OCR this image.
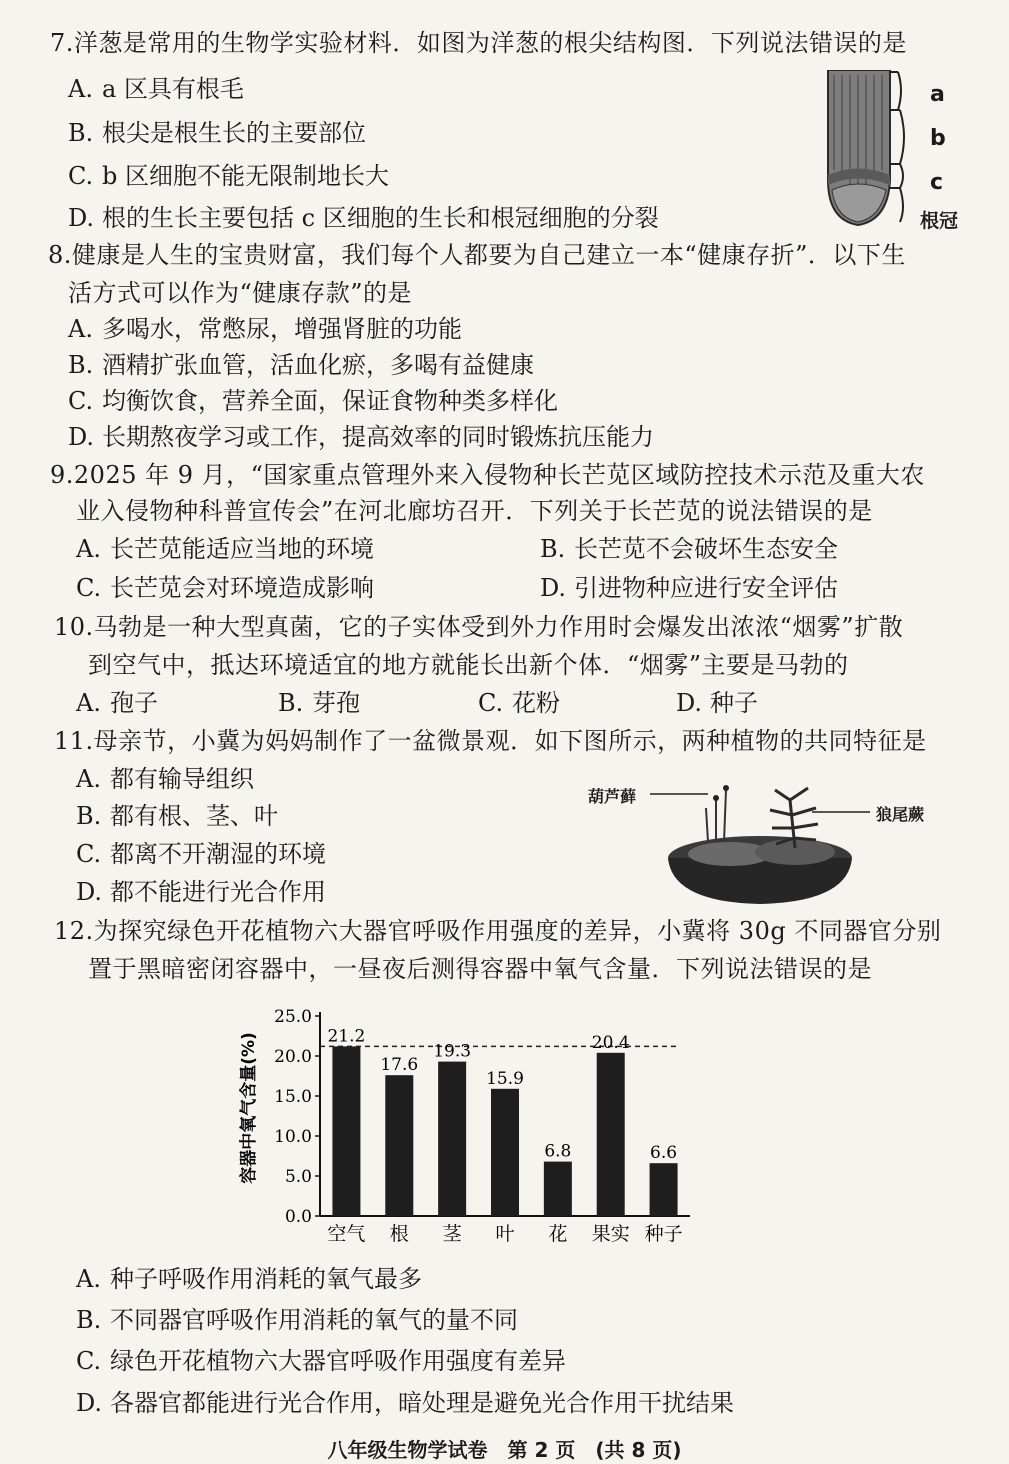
7.洋葱是常用的生物学实验材料．如图为洋葱的根尖结构图．下列说法错误的是
A. a 区具有根毛
B. 根尖是根生长的主要部位
C. b 区细胞不能无限制地长大
D. 根的生长主要包括 c 区细胞的生长和根冠细胞的分裂
a
b
c
根冠
8.健康是人生的宝贵财富，我们每个人都要为自己建立一本“健康存折”．以下生
活方式可以作为“健康存款”的是
A. 多喝水，常憋尿，增强肾脏的功能
B. 酒精扩张血管，活血化瘀，多喝有益健康
C. 均衡饮食，营养全面，保证食物种类多样化
D. 长期熬夜学习或工作，提高效率的同时锻炼抗压能力
9.2025 年 9 月，“国家重点管理外来入侵物种长芒苋区域防控技术示范及重大农
业入侵物种科普宣传会”在河北廊坊召开．下列关于长芒苋的说法错误的是
A. 长芒苋能适应当地的环境	B. 长芒苋不会破坏生态安全
C. 长芒苋会对环境造成影响	D. 引进物种应进行安全评估
10.马勃是一种大型真菌，它的子实体受到外力作用时会爆发出浓浓“烟雾”扩散
到空气中，抵达环境适宜的地方就能长出新个体．“烟雾”主要是马勃的
A. 孢子	B. 芽孢	C. 花粉	D. 种子
11.母亲节，小冀为妈妈制作了一盆微景观．如下图所示，两种植物的共同特征是
A. 都有输导组织
B. 都有根、茎、叶
C. 都离不开潮湿的环境
D. 都不能进行光合作用
葫芦藓
狼尾蕨
12.为探究绿色开花植物六大器官呼吸作用强度的差异，小冀将 30g 不同器官分别
置于黑暗密闭容器中，一昼夜后测得容器中氧气含量．下列说法错误的是
容器中氧气含量(%)
0.0
5.0
10.0
15.0
20.0
25.0
21.2
空气
17.6
根
19.3
茎
15.9
叶
6.8
花
20.4
果实
6.6
种子
A. 种子呼吸作用消耗的氧气最多
B. 不同器官呼吸作用消耗的氧气的量不同
C. 绿色开花植物六大器官呼吸作用强度有差异
D. 各器官都能进行光合作用，暗处理是避免光合作用干扰结果
八年级生物学试卷　第 2 页　(共 8 页)
